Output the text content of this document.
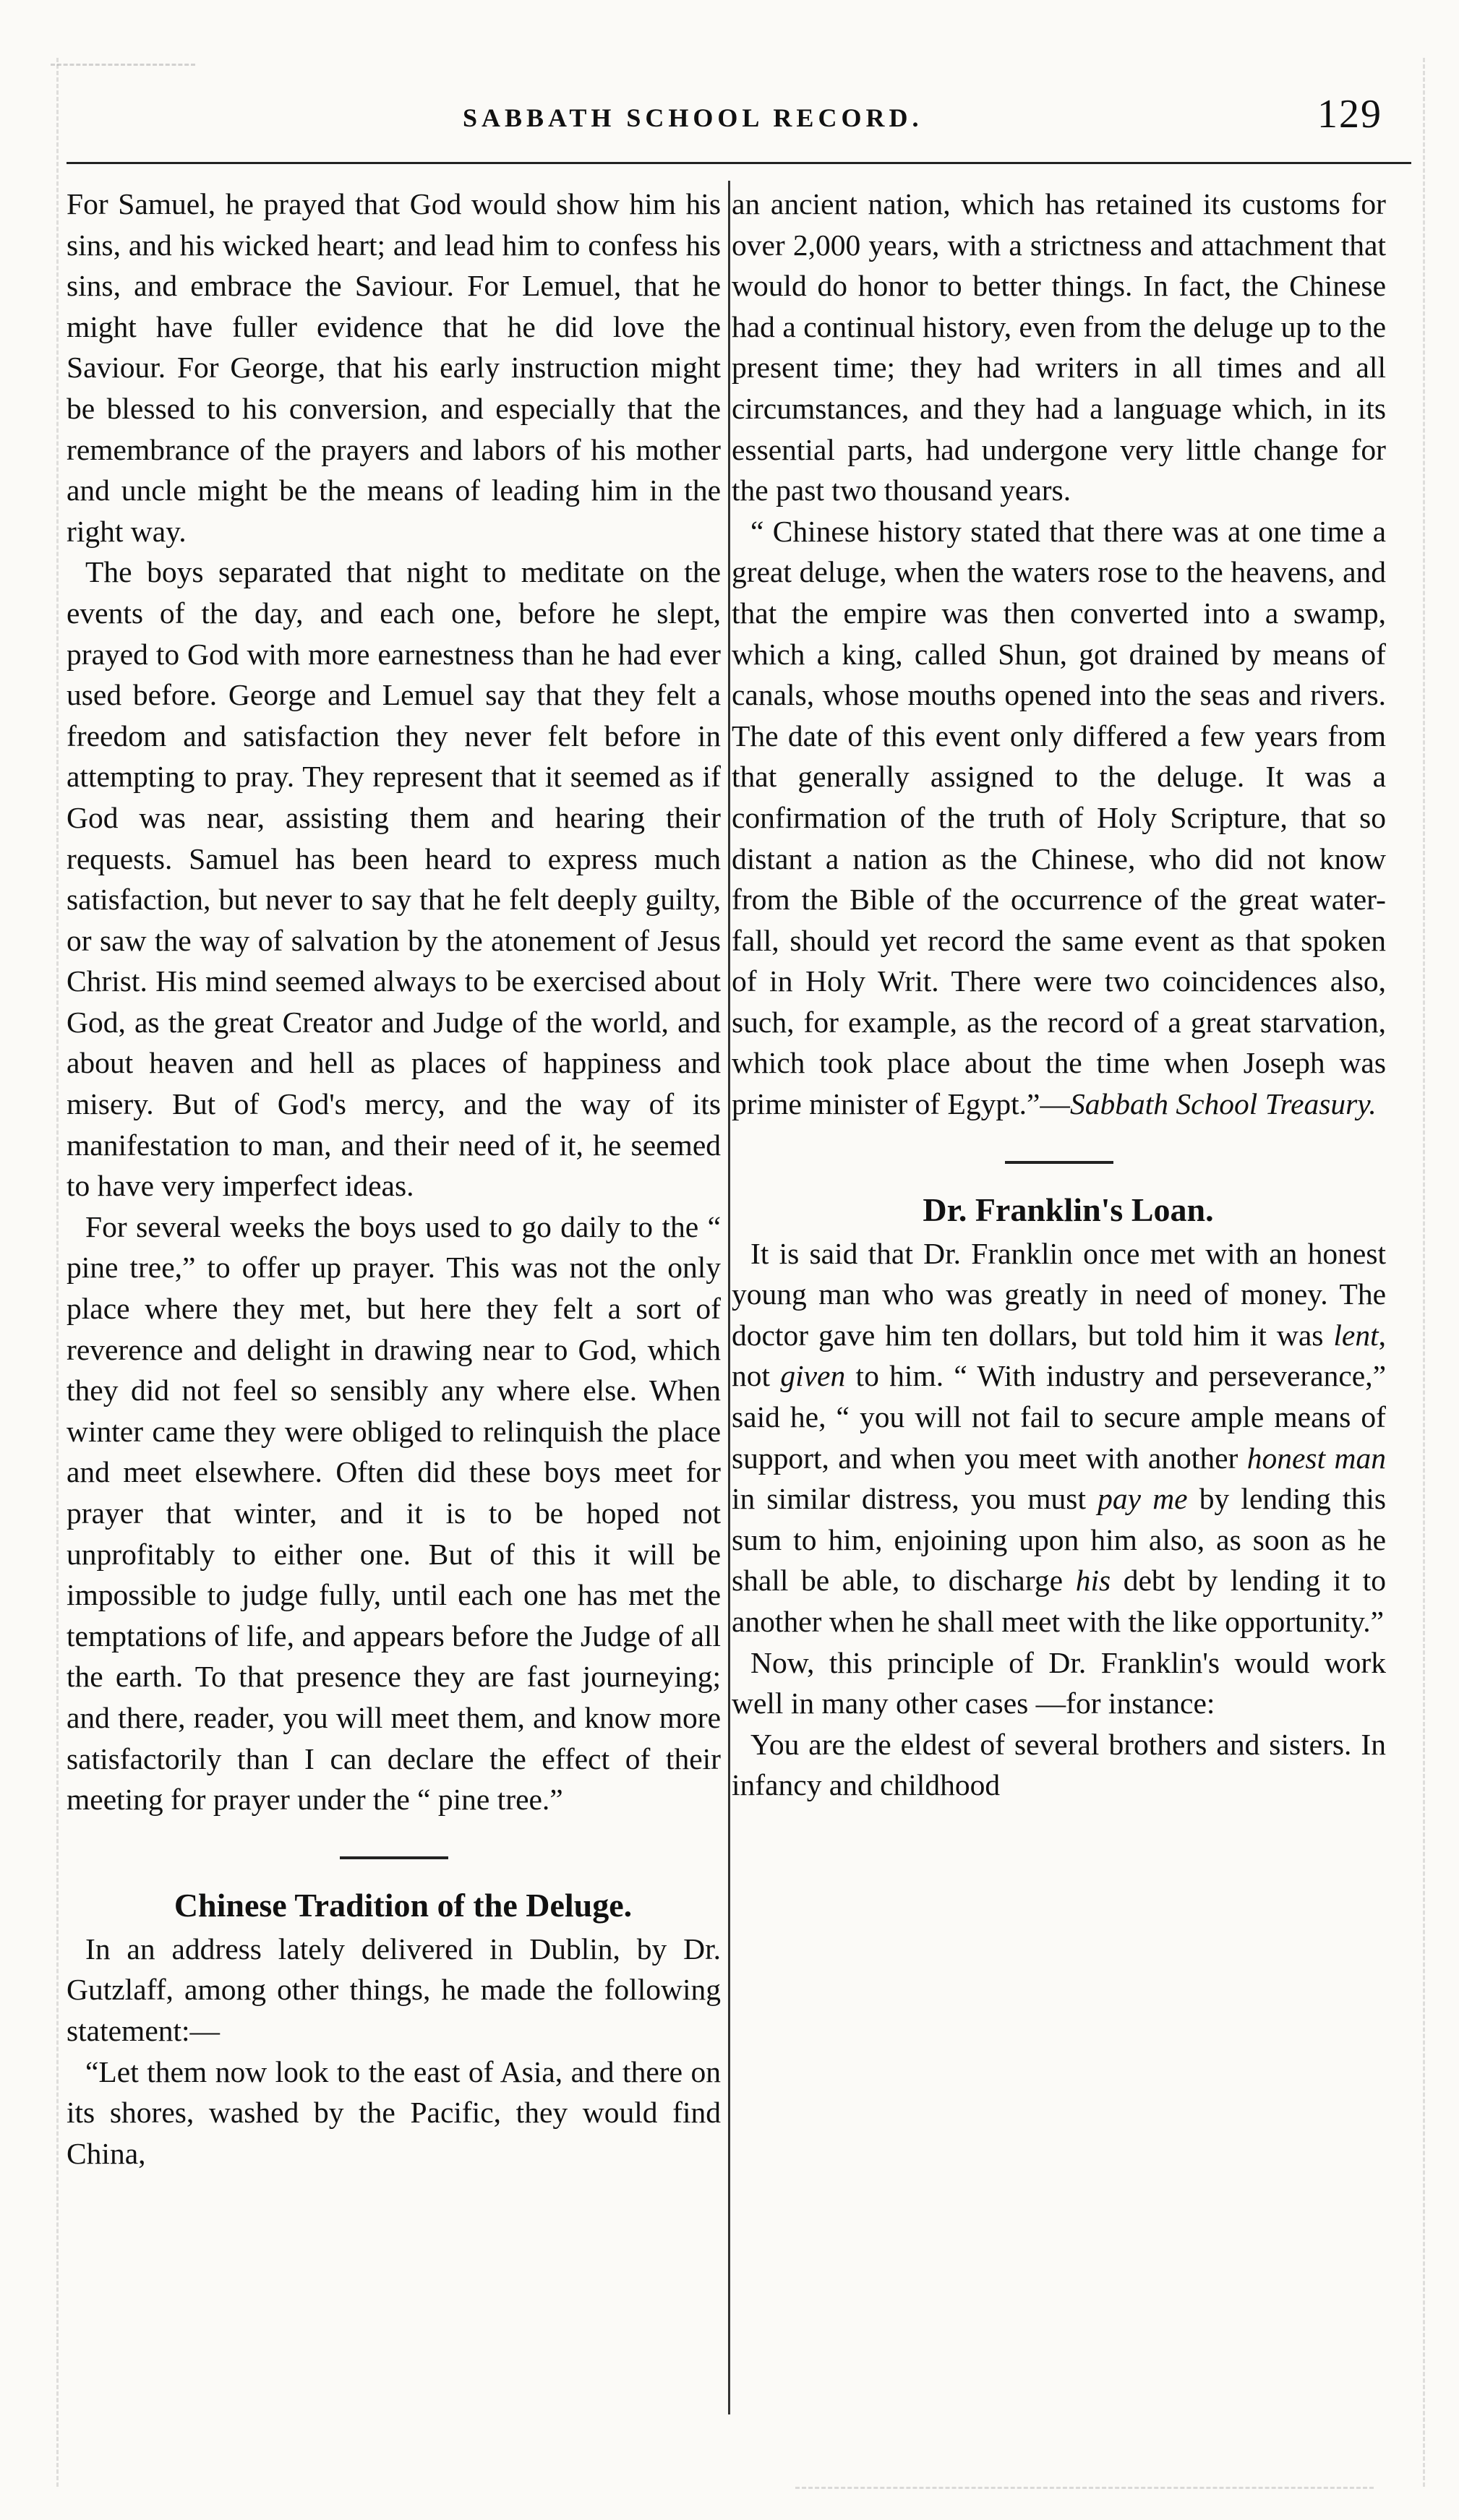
SABBATH SCHOOL RECORD.	129

For Samuel, he prayed that God would show him his sins, and his wicked heart; and lead him to confess his sins, and embrace the Saviour. For Lemuel, that he might have fuller evidence that he did love the Saviour. For George, that his early instruction might be blessed to his conversion, and especially that the remembrance of the prayers and labors of his mother and uncle might be the means of leading him in the right way.

The boys separated that night to meditate on the events of the day, and each one, before he slept, prayed to God with more earnestness than he had ever used before. George and Lemuel say that they felt a freedom and satisfaction they never felt before in attempting to pray. They represent that it seemed as if God was near, assisting them and hearing their requests. Samuel has been heard to express much satisfaction, but never to say that he felt deeply guilty, or saw the way of salvation by the atonement of Jesus Christ. His mind seemed always to be exercised about God, as the great Creator and Judge of the world, and about heaven and hell as places of happiness and misery. But of God's mercy, and the way of its manifestation to man, and their need of it, he seemed to have very imperfect ideas.

For several weeks the boys used to go daily to the “ pine tree,” to offer up prayer. This was not the only place where they met, but here they felt a sort of reverence and delight in drawing near to God, which they did not feel so sensibly any where else. When winter came they were obliged to relinquish the place and meet elsewhere. Often did these boys meet for prayer that winter, and it is to be hoped not unprofitably to either one. But of this it will be impossible to judge fully, until each one has met the temptations of life, and appears before the Judge of all the earth. To that presence they are fast journeying; and there, reader, you will meet them, and know more satisfactorily than I can declare the effect of their meeting for prayer under the “ pine tree.”

Chinese Tradition of the Deluge.

In an address lately delivered in Dublin, by Dr. Gutzlaff, among other things, he made the following statement:—

“Let them now look to the east of Asia, and there on its shores, washed by the Pacific, they would find China,

an ancient nation, which has retained its customs for over 2,000 years, with a strictness and attachment that would do honor to better things. In fact, the Chinese had a continual history, even from the deluge up to the present time; they had writers in all times and all circumstances, and they had a language which, in its essential parts, had undergone very little change for the past two thousand years.

“ Chinese history stated that there was at one time a great deluge, when the waters rose to the heavens, and that the empire was then converted into a swamp, which a king, called Shun, got drained by means of canals, whose mouths opened into the seas and rivers. The date of this event only differed a few years from that generally assigned to the deluge. It was a confirmation of the truth of Holy Scripture, that so distant a nation as the Chinese, who did not know from the Bible of the occurrence of the great water-fall, should yet record the same event as that spoken of in Holy Writ. There were two coincidences also, such, for example, as the record of a great starvation, which took place about the time when Joseph was prime minister of Egypt.”—Sabbath School Treasury.

Dr. Franklin's Loan.

It is said that Dr. Franklin once met with an honest young man who was greatly in need of money. The doctor gave him ten dollars, but told him it was lent, not given to him. “ With industry and perseverance,” said he, “ you will not fail to secure ample means of support, and when you meet with another honest man in similar distress, you must pay me by lending this sum to him, enjoining upon him also, as soon as he shall be able, to discharge his debt by lending it to another when he shall meet with the like opportunity.”

Now, this principle of Dr. Franklin's would work well in many other cases —for instance:

You are the eldest of several brothers and sisters. In infancy and childhood
